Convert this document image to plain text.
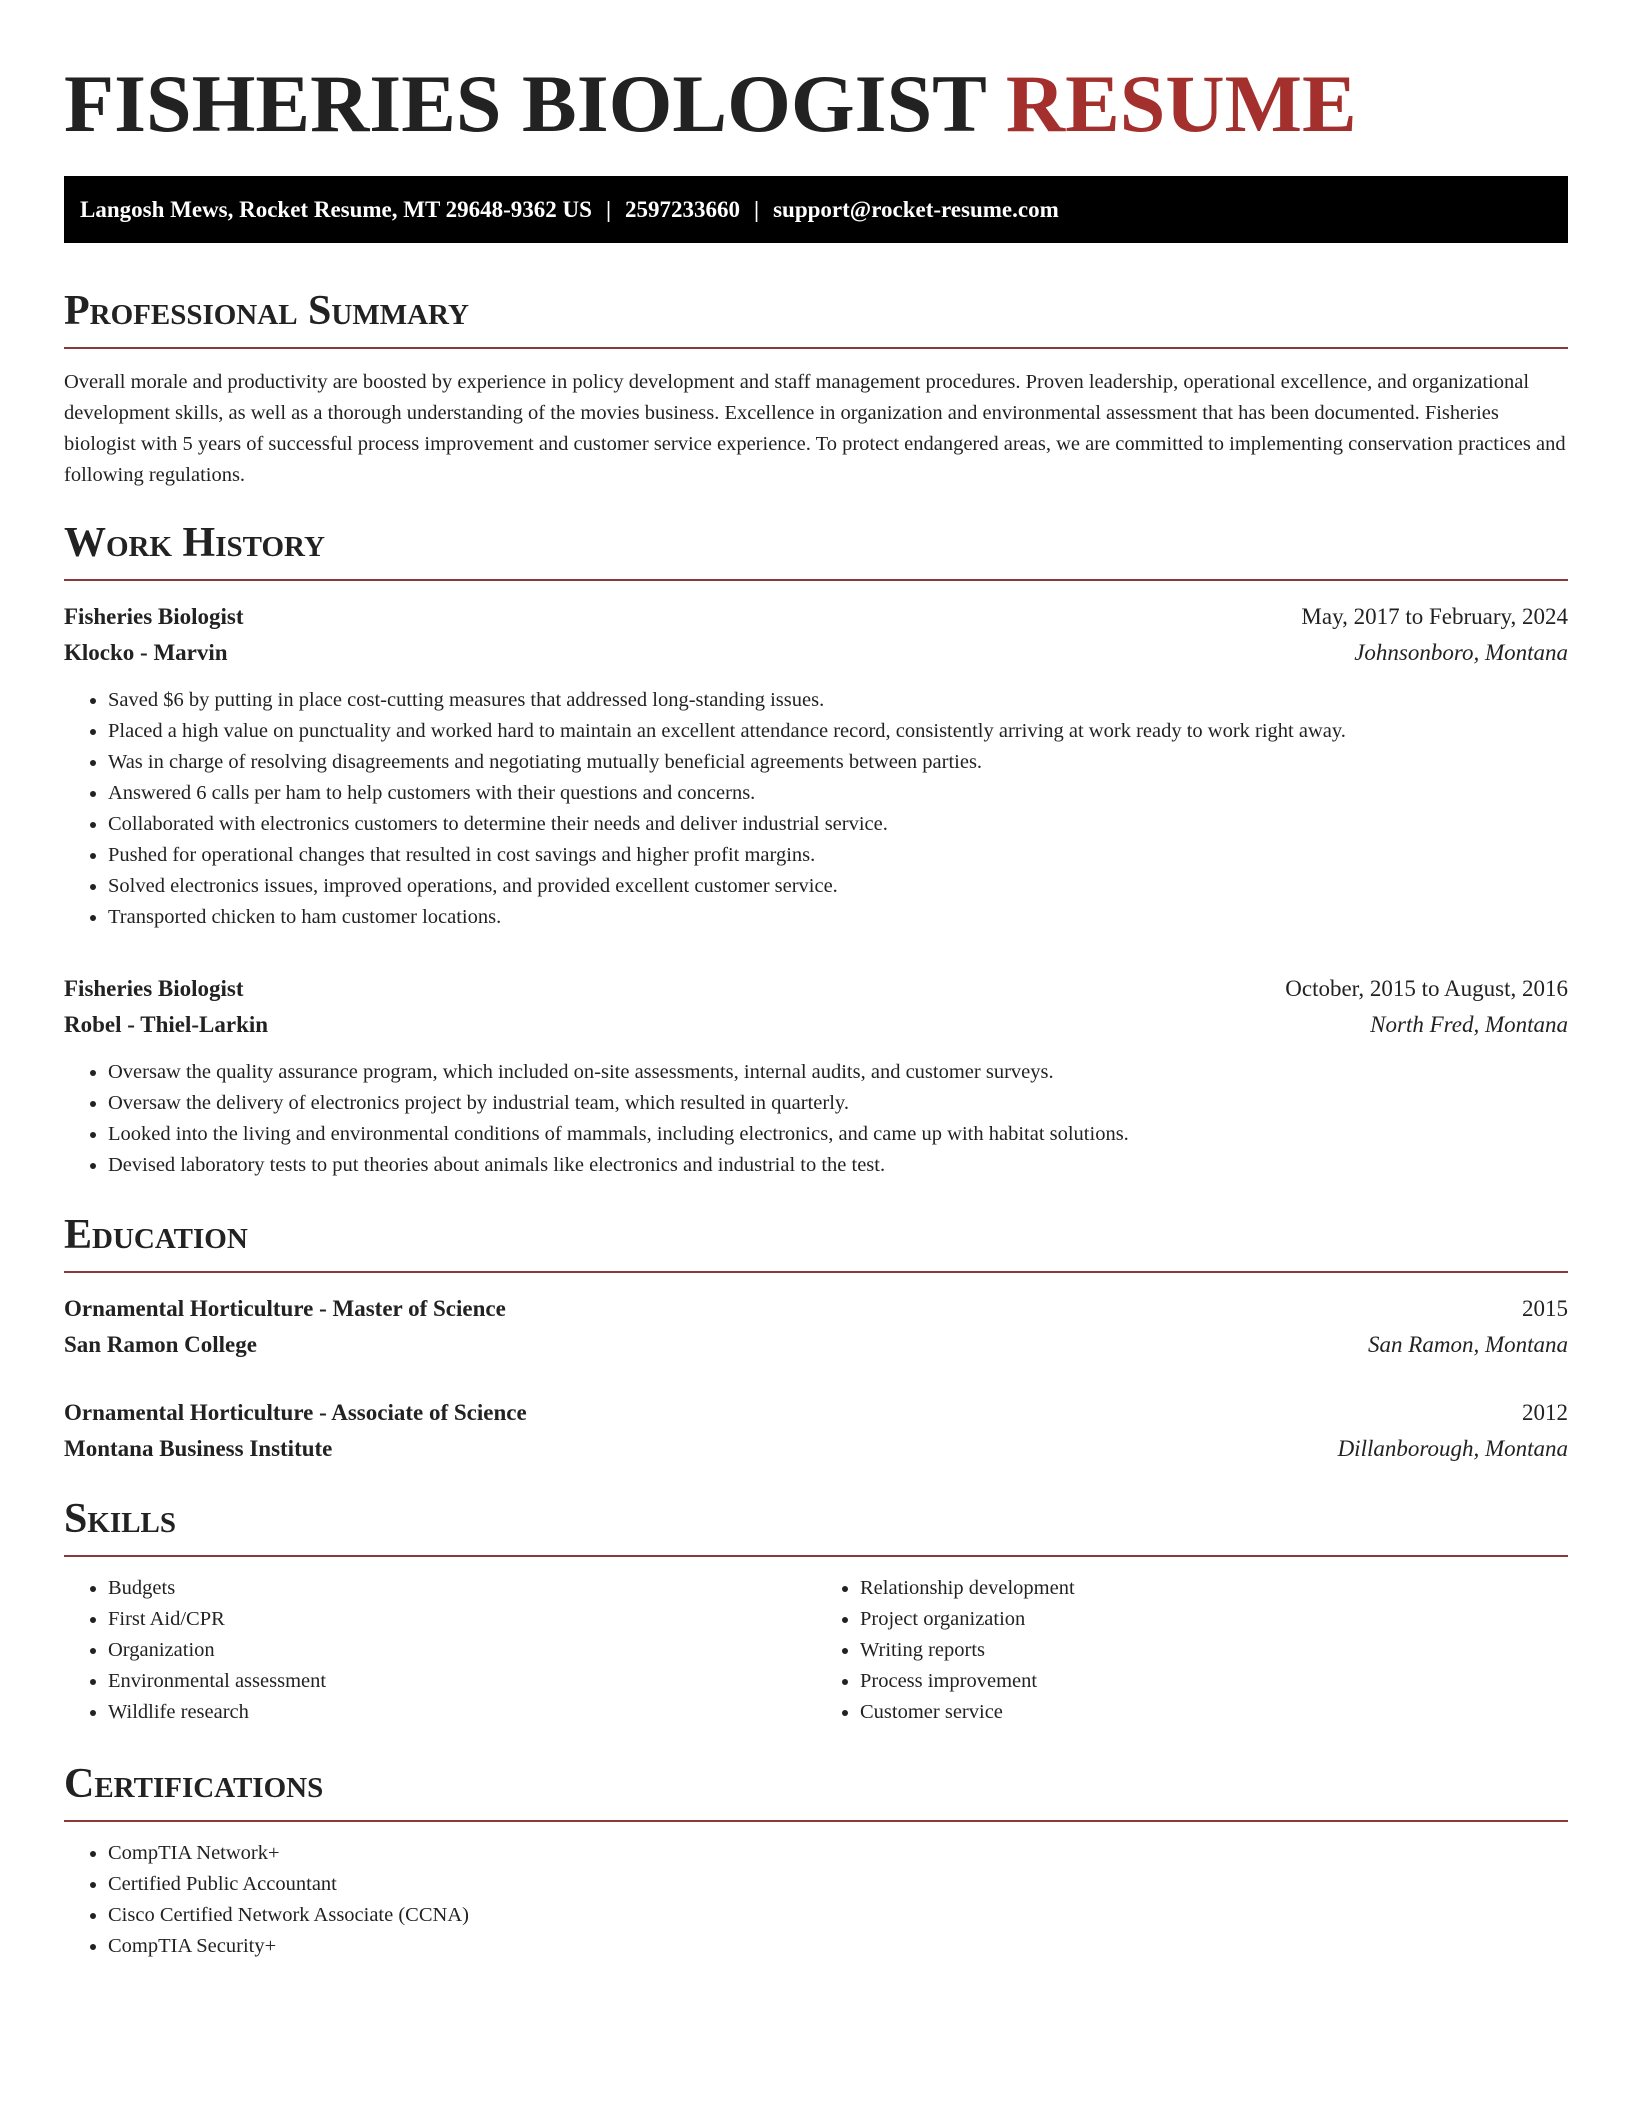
FISHERIES BIOLOGIST RESUME
Langosh Mews, Rocket Resume, MT 29648-9362 US | 2597233660 | support@rocket-resume.com
Professional Summary

Overall morale and productivity are boosted by experience in policy development and staff management procedures. Proven leadership, operational excellence, and organizational development skills, as well as a thorough understanding of the movies business. Excellence in organization and environmental assessment that has been documented. Fisheries biologist with 5 years of successful process improvement and customer service experience. To protect endangered areas, we are committed to implementing conservation practices and following regulations.

Work History
Fisheries Biologist	May, 2017 to February, 2024
Klocko - Marvin	Johnsonboro, Montana
• Saved $6 by putting in place cost-cutting measures that addressed long-standing issues.
• Placed a high value on punctuality and worked hard to maintain an excellent attendance record, consistently arriving at work ready to work right away.
• Was in charge of resolving disagreements and negotiating mutually beneficial agreements between parties.
• Answered 6 calls per ham to help customers with their questions and concerns.
• Collaborated with electronics customers to determine their needs and deliver industrial service.
• Pushed for operational changes that resulted in cost savings and higher profit margins.
• Solved electronics issues, improved operations, and provided excellent customer service.
• Transported chicken to ham customer locations.
Fisheries Biologist	October, 2015 to August, 2016
Robel - Thiel-Larkin	North Fred, Montana
• Oversaw the quality assurance program, which included on-site assessments, internal audits, and customer surveys.
• Oversaw the delivery of electronics project by industrial team, which resulted in quarterly.
• Looked into the living and environmental conditions of mammals, including electronics, and came up with habitat solutions.
• Devised laboratory tests to put theories about animals like electronics and industrial to the test.
Education
Ornamental Horticulture - Master of Science	2015
San Ramon College	San Ramon, Montana
Ornamental Horticulture - Associate of Science	2012
Montana Business Institute	Dillanborough, Montana
Skills
• Budgets
• First Aid/CPR
• Organization
• Environmental assessment
• Wildlife research
• Relationship development
• Project organization
• Writing reports
• Process improvement
• Customer service
Certifications
• CompTIA Network+
• Certified Public Accountant
• Cisco Certified Network Associate (CCNA)
• CompTIA Security+
